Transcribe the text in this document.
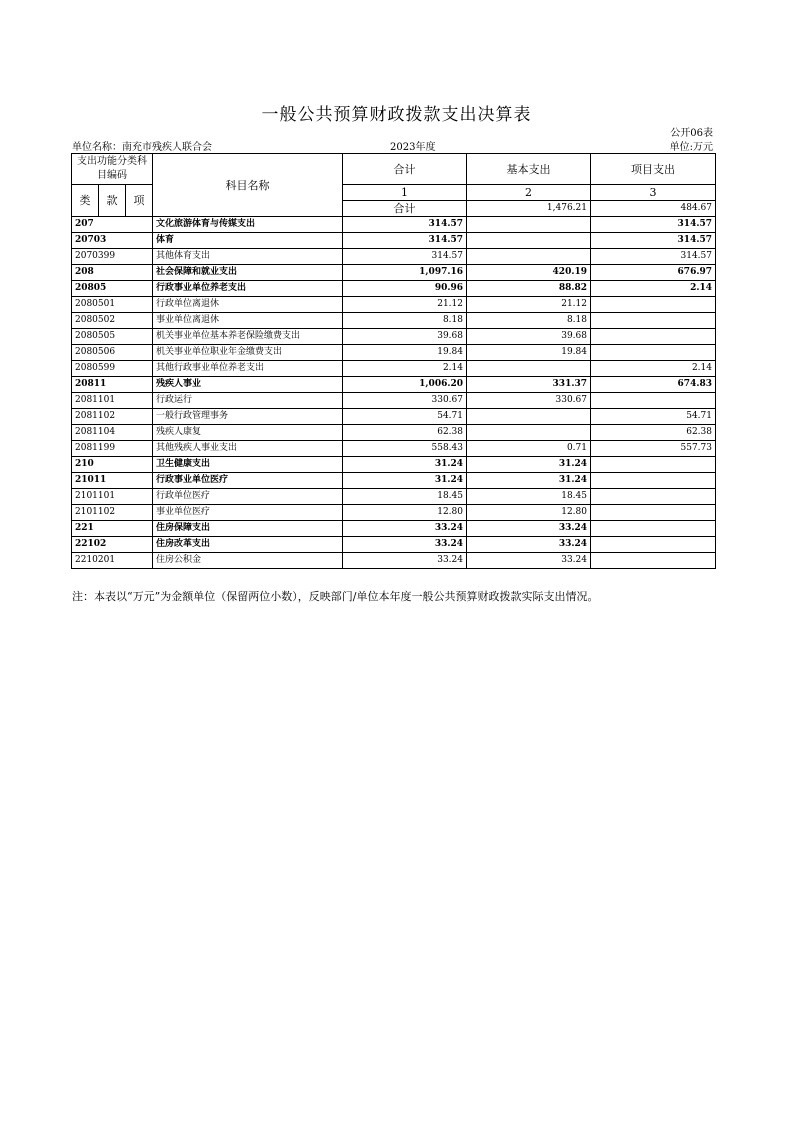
一般公共预算财政拨款支出决算表
公开06表
单位名称：南充市残疾人联合会	2023年度	单位:万元
支出功能分类科目编码			科目名称	合计	基本支出	项目支出	
类	款	项		1	2	3	
				合计	1,476.21	484.67	
207			文化旅游体育与传媒支出	314.57		314.57	
20703			体育	314.57		314.57	
2070399			其他体育支出	314.57		314.57	
208			社会保障和就业支出	1,097.16	420.19	676.97	
20805			行政事业单位养老支出	90.96	88.82	2.14	
2080501			行政单位离退休	21.12	21.12		
2080502			事业单位离退休	8.18	8.18		
2080505			机关事业单位基本养老保险缴费支出	39.68	39.68		
2080506			机关事业单位职业年金缴费支出	19.84	19.84		
2080599			其他行政事业单位养老支出	2.14		2.14	
20811			残疾人事业	1,006.20	331.37	674.83	
2081101			行政运行	330.67	330.67		
2081102			一般行政管理事务	54.71		54.71	
2081104			残疾人康复	62.38		62.38	
2081199			其他残疾人事业支出	558.43	0.71	557.73	
210			卫生健康支出	31.24	31.24		
21011			行政事业单位医疗	31.24	31.24		
2101101			行政单位医疗	18.45	18.45		
2101102			事业单位医疗	12.80	12.80		
221			住房保障支出	33.24	33.24		
22102			住房改革支出	33.24	33.24		
2210201			住房公积金	33.24	33.24		
注：本表以“万元”为金额单位（保留两位小数），反映部门/单位本年度一般公共预算财政拨款实际支出情况。
